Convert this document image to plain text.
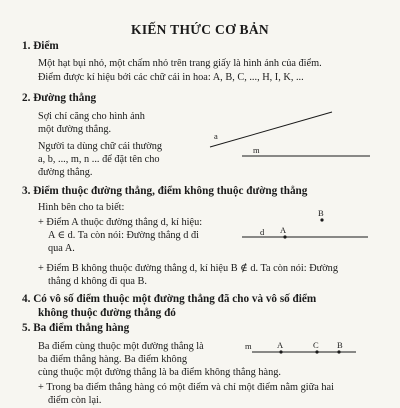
KIẾN THỨC CƠ BẢN
1. Điểm
Một hạt bụi nhỏ, một chấm nhỏ trên trang giấy là hình ảnh của điểm.
Điểm được kí hiệu bởi các chữ cái in hoa: A, B, C, ..., H, I, K, ...
2. Đường thẳng
Sợi chỉ căng cho hình ảnh
một đường thẳng.
Người ta dùng chữ cái thường
a, b, ..., m, n ... để đặt tên cho
đường thẳng.
a
m
3. Điểm thuộc đường thẳng, điểm không thuộc đường thẳng
Hình bên cho ta biết:
+ Điểm A thuộc đường thẳng d, kí hiệu:
A ∈ d. Ta còn nói: Đường thẳng d đi
qua A.
+ Điểm B không thuộc đường thẳng d, kí hiệu B ∉ d. Ta còn nói: Đường
thẳng d không đi qua B.
d A
B
4. Có vô số điểm thuộc một đường thẳng đã cho và vô số điểm
không thuộc đường thẳng đó
5. Ba điểm thẳng hàng
Ba điểm cùng thuộc một đường thẳng là
ba điểm thẳng hàng. Ba điểm không
cùng thuộc một đường thẳng là ba điểm không thẳng hàng.
+ Trong ba điểm thẳng hàng có một điểm và chỉ một điểm nằm giữa hai
điểm còn lại.
m	A	C B
